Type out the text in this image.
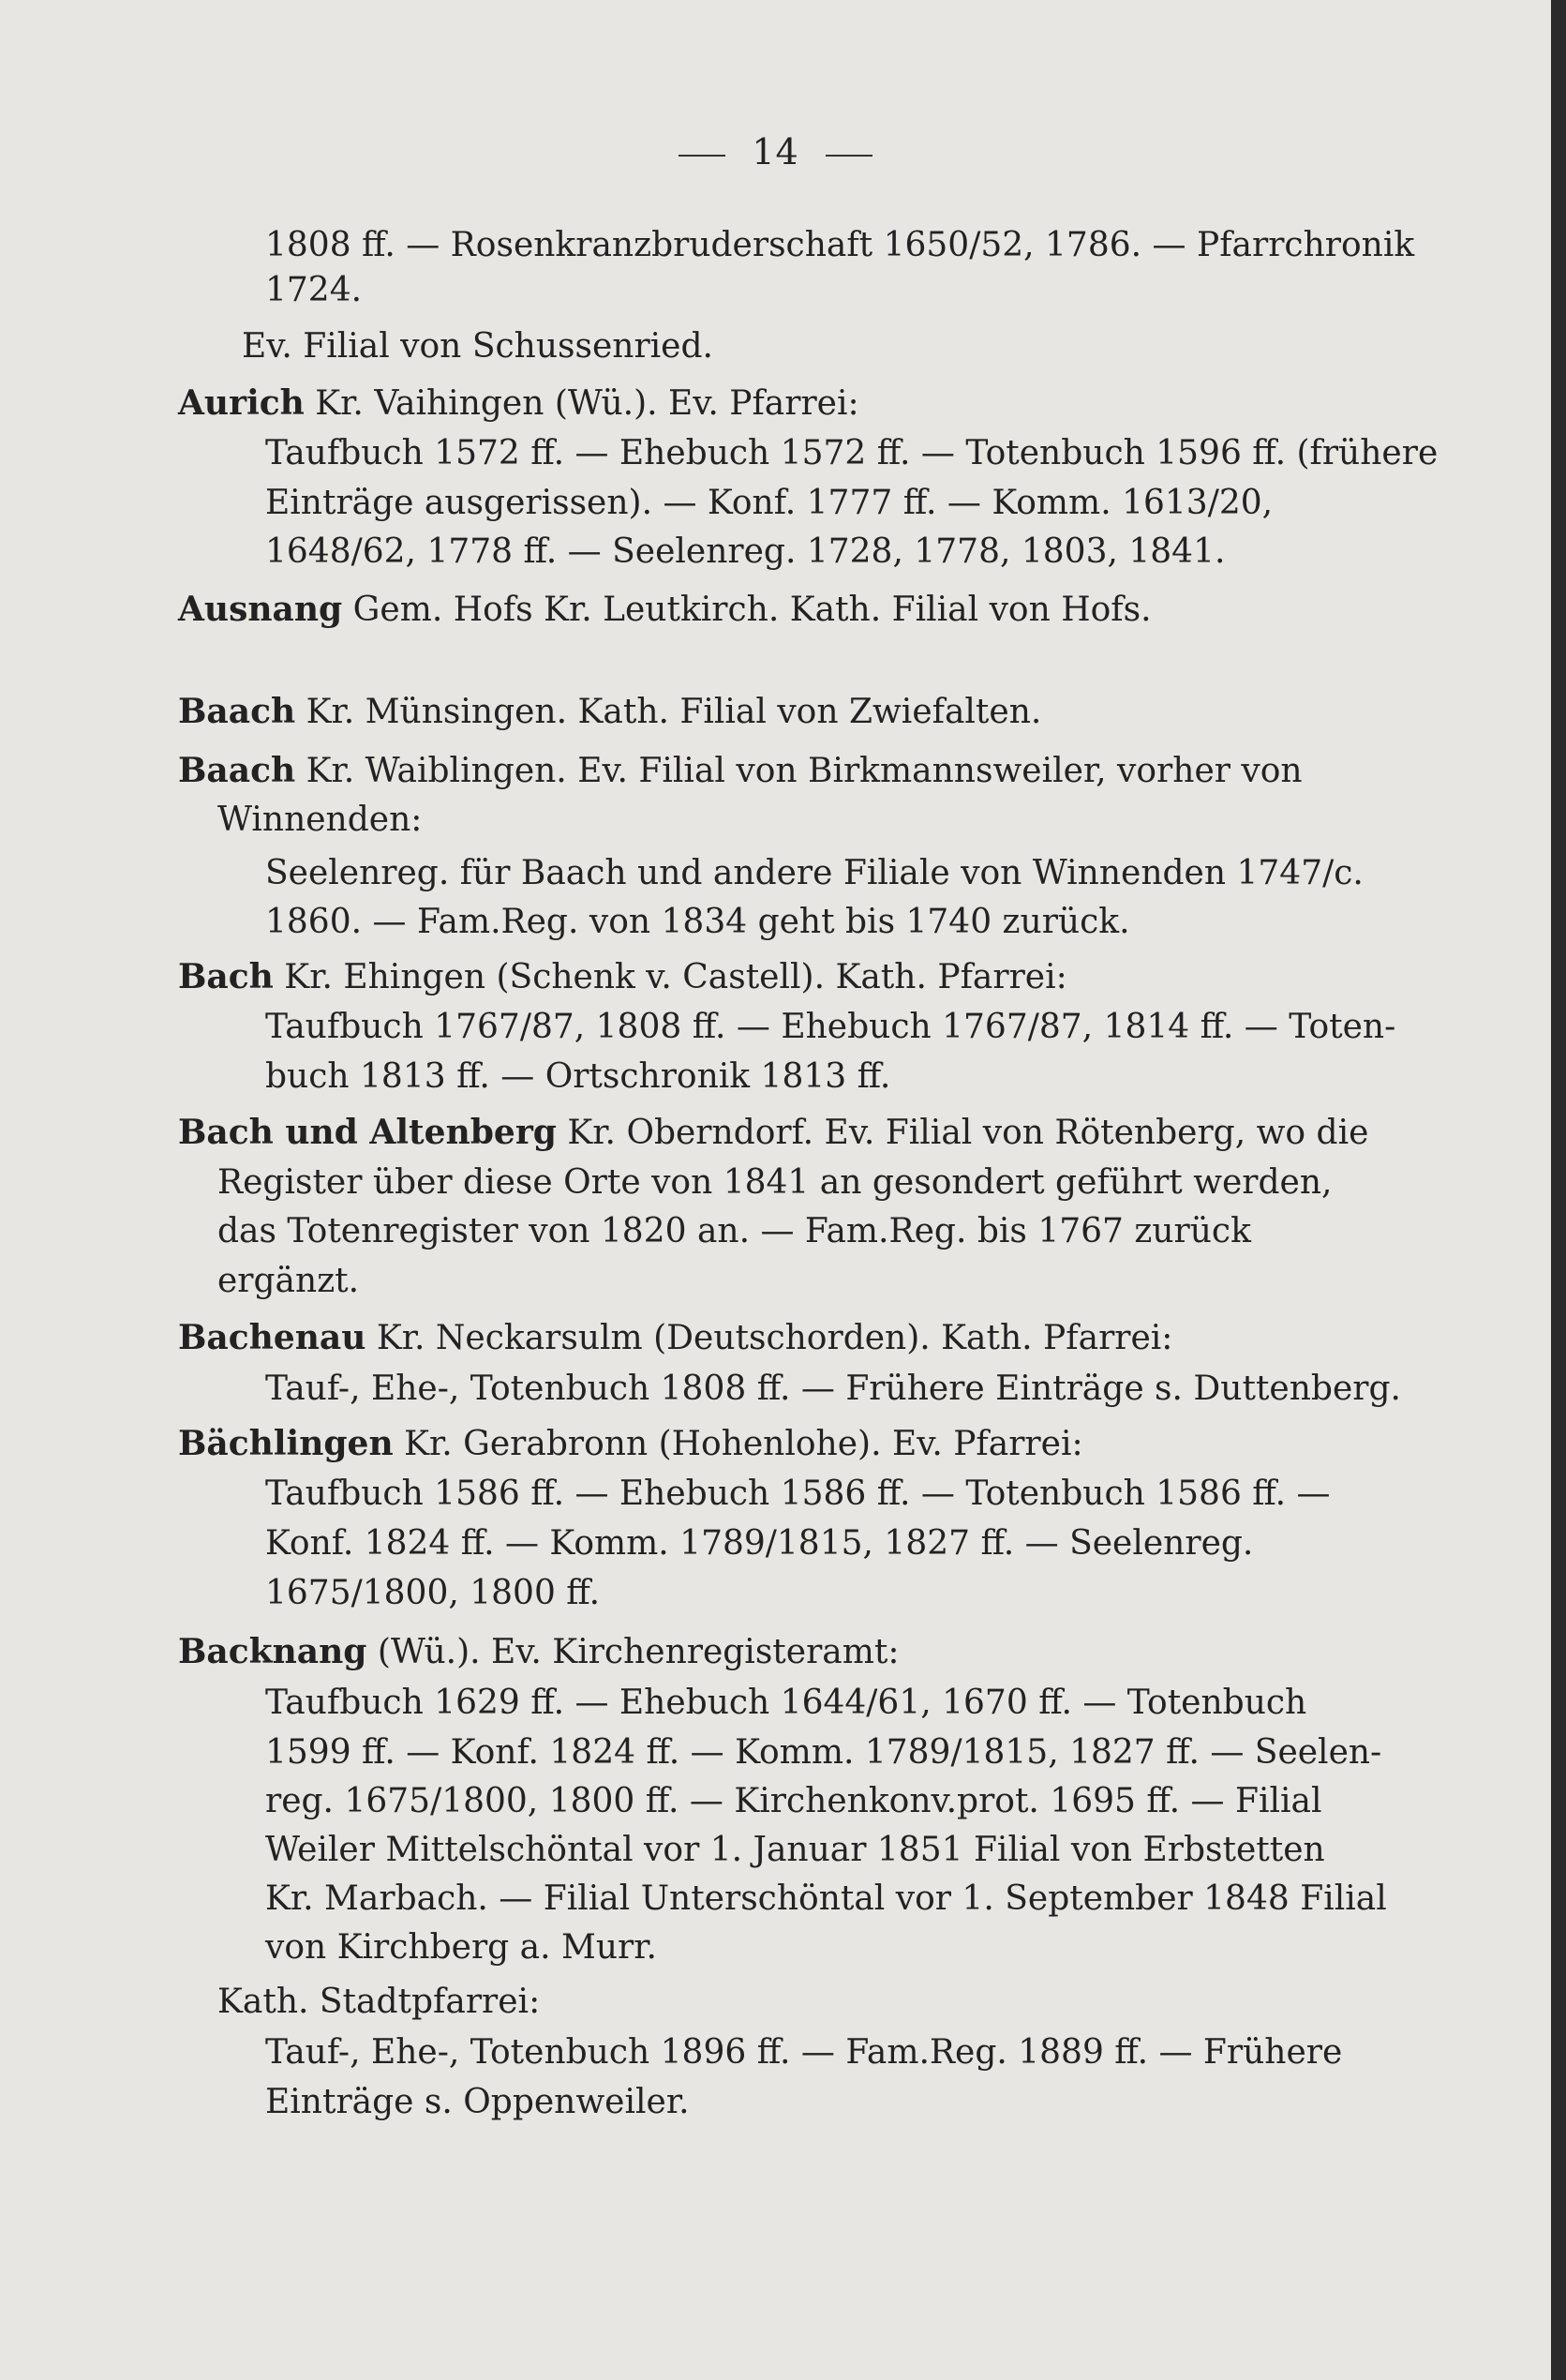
14
1808 ff. — Rosenkranzbruderschaft 1650/52, 1786. — Pfarrchronik
1724.
Ev. Filial von Schussenried.
Aurich Kr. Vaihingen (Wü.). Ev. Pfarrei:
Taufbuch 1572 ff. — Ehebuch 1572 ff. — Totenbuch 1596 ff. (frühere
Einträge ausgerissen). — Konf. 1777 ff. — Komm. 1613/20,
1648/62, 1778 ff. — Seelenreg. 1728, 1778, 1803, 1841.
Ausnang Gem. Hofs Kr. Leutkirch. Kath. Filial von Hofs.
Baach Kr. Münsingen. Kath. Filial von Zwiefalten.
Baach Kr. Waiblingen. Ev. Filial von Birkmannsweiler, vorher von
Winnenden:
Seelenreg. für Baach und andere Filiale von Winnenden 1747/c.
1860. — Fam.Reg. von 1834 geht bis 1740 zurück.
Bach Kr. Ehingen (Schenk v. Castell). Kath. Pfarrei:
Taufbuch 1767/87, 1808 ff. — Ehebuch 1767/87, 1814 ff. — Toten-
buch 1813 ff. — Ortschronik 1813 ff.
Bach und Altenberg Kr. Oberndorf. Ev. Filial von Rötenberg, wo die
Register über diese Orte von 1841 an gesondert geführt werden,
das Totenregister von 1820 an. — Fam.Reg. bis 1767 zurück
ergänzt.
Bachenau Kr. Neckarsulm (Deutschorden). Kath. Pfarrei:
Tauf-, Ehe-, Totenbuch 1808 ff. — Frühere Einträge s. Duttenberg.
Bächlingen Kr. Gerabronn (Hohenlohe). Ev. Pfarrei:
Taufbuch 1586 ff. — Ehebuch 1586 ff. — Totenbuch 1586 ff. —
Konf. 1824 ff. — Komm. 1789/1815, 1827 ff. — Seelenreg.
1675/1800, 1800 ff.
Backnang (Wü.). Ev. Kirchenregisteramt:
Taufbuch 1629 ff. — Ehebuch 1644/61, 1670 ff. — Totenbuch
1599 ff. — Konf. 1824 ff. — Komm. 1789/1815, 1827 ff. — Seelen-
reg. 1675/1800, 1800 ff. — Kirchenkonv.prot. 1695 ff. — Filial
Weiler Mittelschöntal vor 1. Januar 1851 Filial von Erbstetten
Kr. Marbach. — Filial Unterschöntal vor 1. September 1848 Filial
von Kirchberg a. Murr.
Kath. Stadtpfarrei:
Tauf-, Ehe-, Totenbuch 1896 ff. — Fam.Reg. 1889 ff. — Frühere
Einträge s. Oppenweiler.
